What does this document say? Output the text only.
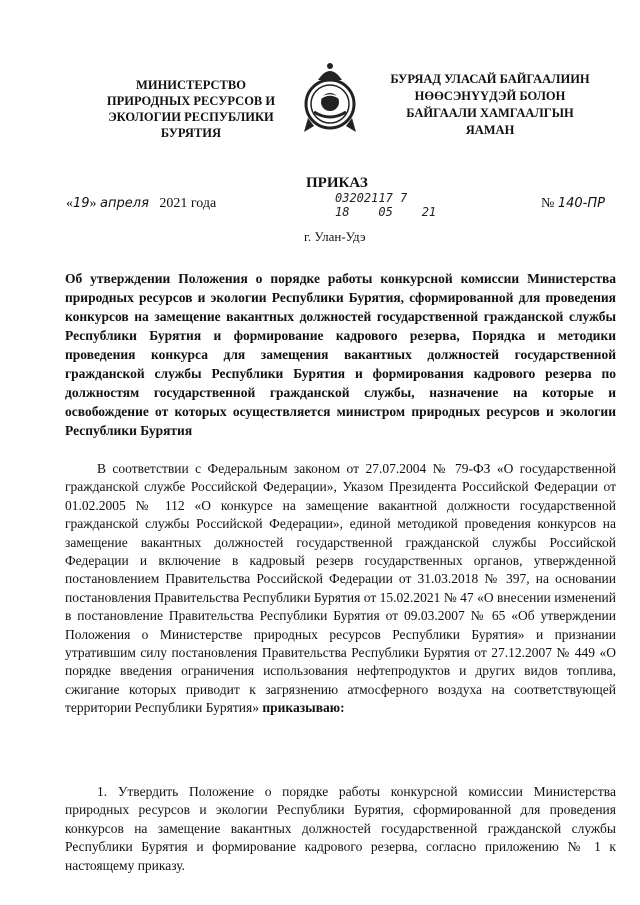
МИНИСТЕРСТВО
ПРИРОДНЫХ РЕСУРСОВ И
ЭКОЛОГИИ РЕСПУБЛИКИ
БУРЯТИЯ
БУРЯАД УЛАСАЙ БАЙГААЛИИН
НӨӨСЭНҮҮДЭЙ БОЛОН
БАЙГААЛИ ХАМГААЛГЫН
ЯАМАН
ПРИКАЗ
«19» апреля 2021 года	03202117 7
18    05    21
№ 140-ПР
г. Улан-Удэ
Об утверждении Положения о порядке работы конкурсной комиссии Министерства природных ресурсов и экологии Республики Бурятия, сформированной для проведения конкурсов на замещение вакантных должностей государственной гражданской службы Республики Бурятия и формирование кадрового резерва, Порядка и методики проведения конкурса для замещения вакантных должностей государственной гражданской службы Республики Бурятия и формирования кадрового резерва по должностям государственной гражданской службы, назначение на которые и освобождение от которых осуществляется министром природных ресурсов и экологии Республики Бурятия
В соответствии с Федеральным законом от 27.07.2004 № 79-ФЗ «О государственной гражданской службе Российской Федерации», Указом Президента Российской Федерации от 01.02.2005 № 112 «О конкурсе на замещение вакантной должности государственной гражданской службы Российской Федерации», единой методикой проведения конкурсов на замещение вакантных должностей государственной гражданской службы Российской Федерации и включение в кадровый резерв государственных органов, утвержденной постановлением Правительства Российской Федерации от 31.03.2018 № 397, на основании постановления Правительства Республики Бурятия от 15.02.2021 № 47 «О внесении изменений в постановление Правительства Республики Бурятия от 09.03.2007 № 65 «Об утверждении Положения о Министерстве природных ресурсов Республики Бурятия» и признании утратившим силу постановления Правительства Республики Бурятия от 27.12.2007 № 449 «О порядке введения ограничения использования нефтепродуктов и других видов топлива, сжигание которых приводит к загрязнению атмосферного воздуха на соответствующей территории Республики Бурятия» приказываю:
1. Утвердить Положение о порядке работы конкурсной комиссии Министерства природных ресурсов и экологии Республики Бурятия, сформированной для проведения конкурсов на замещение вакантных должностей государственной гражданской службы Республики Бурятия и формирование кадрового резерва, согласно приложению № 1 к настоящему приказу.
